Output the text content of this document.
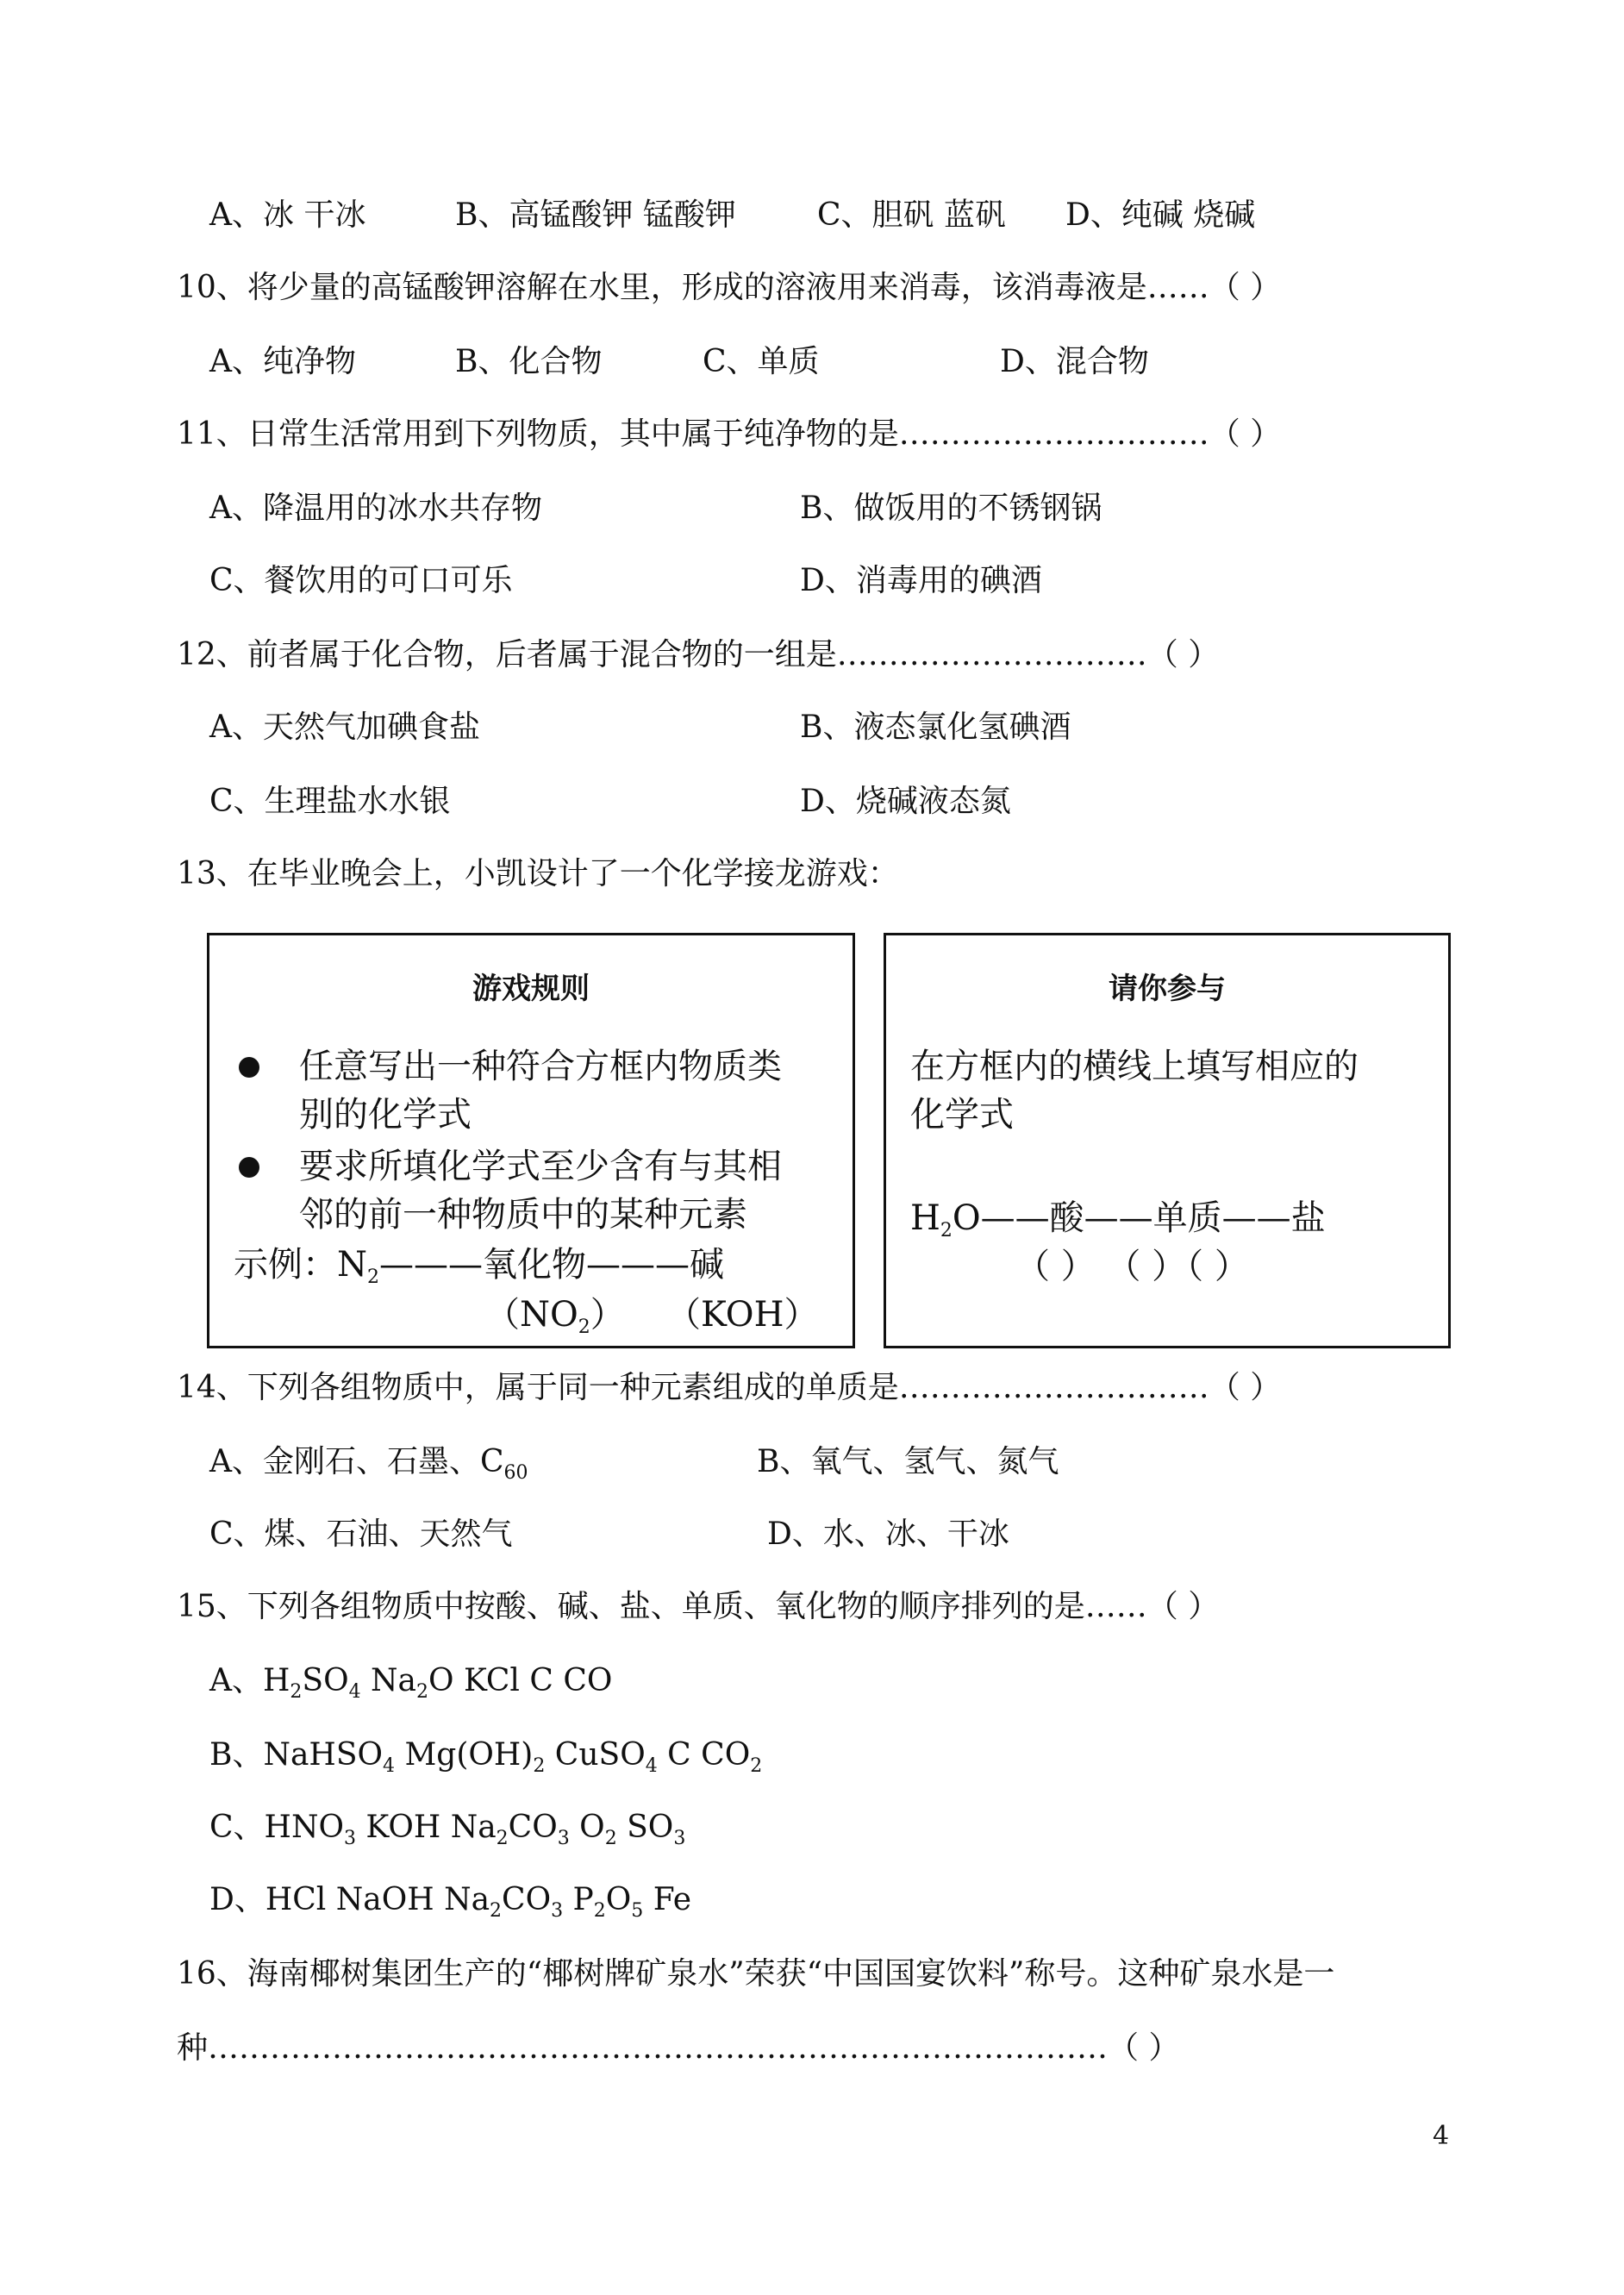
A、冰 干冰	B、高锰酸钾 锰酸钾	C、胆矾 蓝矾 D、纯碱 烧碱
10、将少量的高锰酸钾溶解在水里，形成的溶液用来消毒，该消毒液是……（ ）
A、纯净物	B、化合物	C、单质	D、混合物
11、日常生活常用到下列物质，其中属于纯净物的是…………………………（ ）
A、降温用的冰水共存物	B、做饭用的不锈钢锅
C、餐饮用的可口可乐	D、消毒用的碘酒
12、前者属于化合物，后者属于混合物的一组是…………………………（ ）
A、天然气加碘食盐	B、液态氯化氢碘酒
C、生理盐水水银	D、烧碱液态氮
13、在毕业晚会上，小凯设计了一个化学接龙游戏：
游戏规则
任意写出一种符合方框内物质类
别的化学式
要求所填化学式至少含有与其相
邻的前一种物质中的某种元素
示例：$N_2———$氧化物———碱
$(NO_2)$ （KOH）
请你参与
在方框内的横线上填写相应的
化学式
$H_2O——$酸——单质——盐
（ ） （ ）（ ）
14、下列各组物质中，属于同一种元素组成的单质是…………………………（ ）
A、金刚石、石墨、$C_{60}$	B、氧气、氢气、氮气
C、煤、石油、天然气	D、水、冰、干冰
15、下列各组物质中按酸、碱、盐、单质、氧化物的顺序排列的是……（ ）
A、$H_2SO_4$ $Na_2O$ KCl C CO
B、NaHSO$_4$ $Mg(OH)_2$ CuSO$_4$ C $CO_2$
C、$HNO_3$ KOH $Na_2CO_3$ $O_2$ $SO_3$
D、HCl NaOH $Na_2CO_3$ $P_2O_5$ Fe
16、海南椰树集团生产的“椰树牌矿泉水”荣获“中国国宴饮料”称号。这种矿泉水是一
种……………………………………………………………………………（ ）
4
